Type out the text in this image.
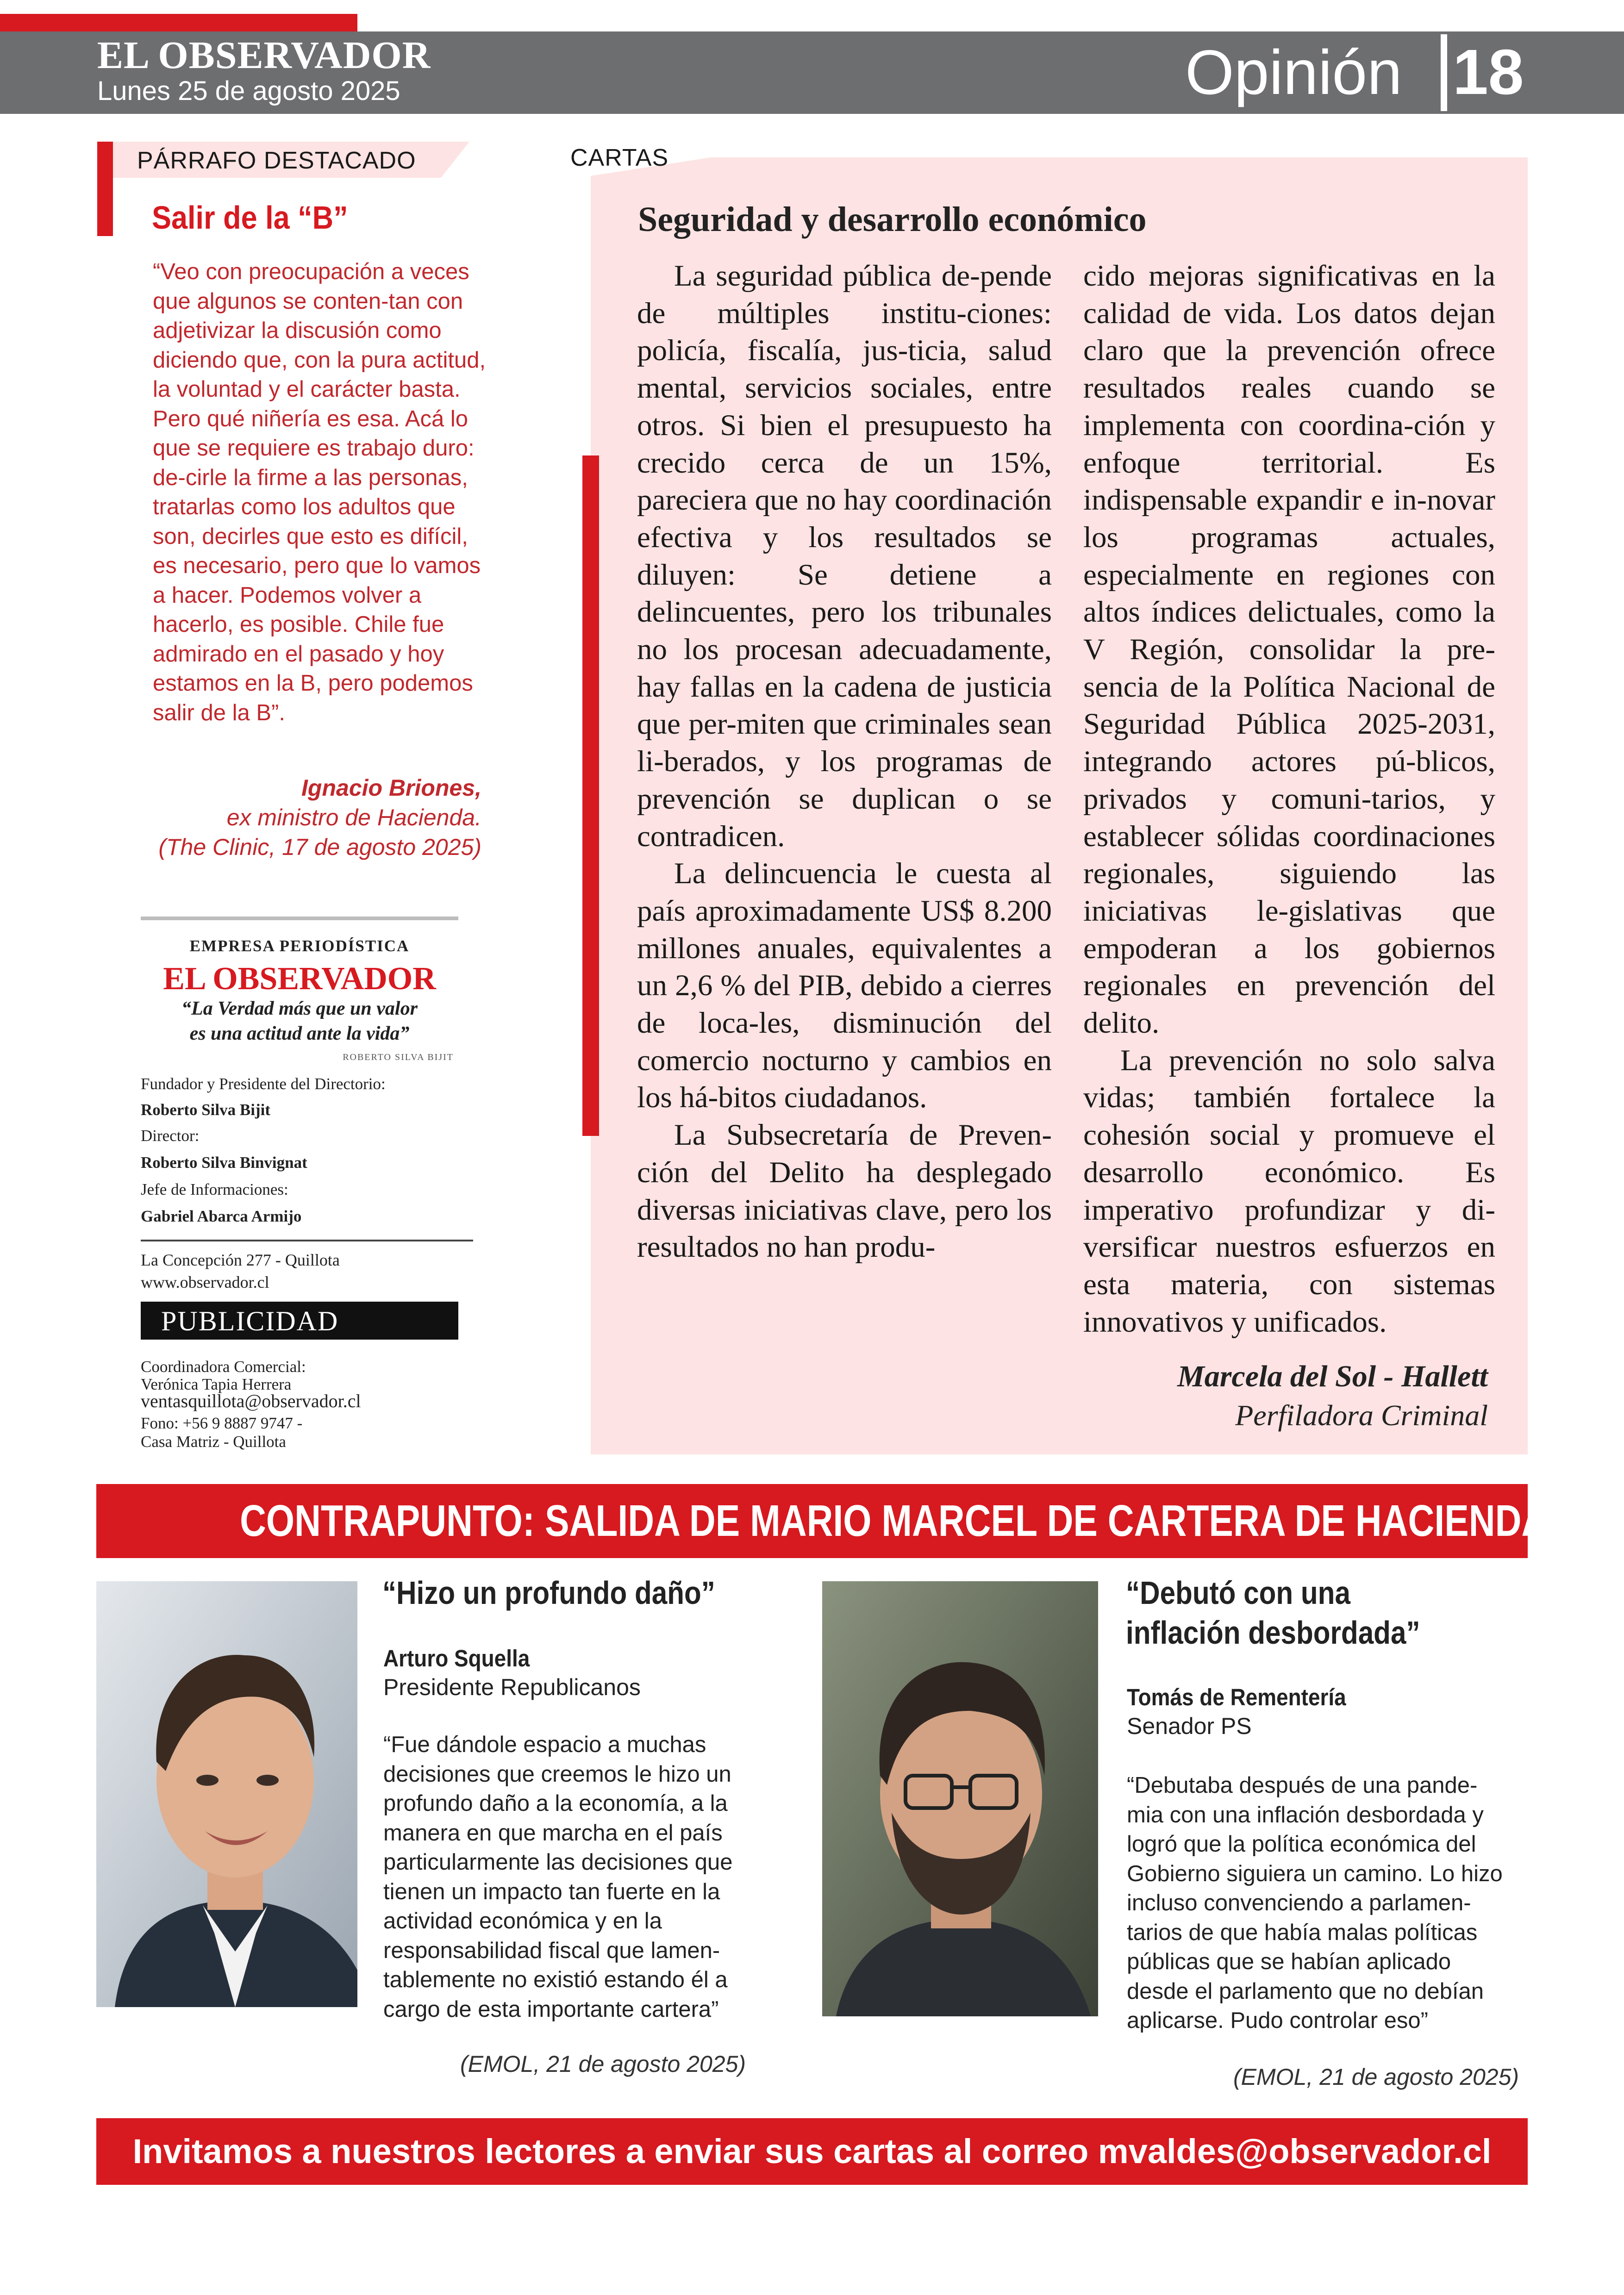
EL OBSERVADOR
Lunes 25 de agosto 2025	Opinión 18
PÁRRAFO DESTACADO
Salir de la “B”
“Veo con preocupación a veces que algunos se conten-tan con adjetivizar la discusión como diciendo que, con la pura actitud, la voluntad y el carácter basta. Pero qué niñería es esa. Acá lo que se requiere es trabajo duro: de-cirle la firme a las personas, tratarlas como los adultos que son, decirles que esto es difícil, es necesario, pero que lo vamos a hacer. Podemos volver a hacerlo, es posible. Chile fue admirado en el pasado y hoy estamos en la B, pero podemos salir de la B”.
Ignacio Briones,
ex ministro de Hacienda.
(The Clinic, 17 de agosto 2025)
EMPRESA PERIODÍSTICA
EL OBSERVADOR
“La Verdad más que un valor
es una actitud ante la vida”
ROBERTO SILVA BIJIT
Fundador y Presidente del Directorio:
Roberto Silva Bijit
Director:
Roberto Silva Binvignat
Jefe de Informaciones:
Gabriel Abarca Armijo
La Concepción 277 - Quillota
www.observador.cl
PUBLICIDAD
Coordinadora Comercial:
Verónica Tapia Herrera
ventasquillota@observador.cl
Fono: +56 9 8887 9747 -
Casa Matriz - Quillota
CARTAS
Seguridad y desarrollo económico

La seguridad pública de-pende de múltiples institu-ciones: policía, fiscalía, jus-ticia, salud mental, servicios sociales, entre otros. Si bien el presupuesto ha crecido cerca de un 15%, pareciera que no hay coordinación efectiva y los resultados se diluyen: Se detiene a delincuentes, pero los tribunales no los procesan adecuadamente, hay fallas en la cadena de justicia que per-miten que criminales sean li-berados, y los programas de prevención se duplican o se contradicen.

La delincuencia le cuesta al país aproximadamente US$ 8.200 millones anuales, equivalentes a un 2,6 % del PIB, debido a cierres de loca-les, disminución del comercio nocturno y cambios en los há-bitos ciudadanos.

La Subsecretaría de Preven-ción del Delito ha desplegado diversas iniciativas clave, pero los resultados no han produ-

cido mejoras significativas en la calidad de vida. Los datos dejan claro que la prevención ofrece resultados reales cuando se implementa con coordina-ción y enfoque territorial. Es indispensable expandir e in-novar los programas actuales, especialmente en regiones con altos índices delictuales, como la V Región, consolidar la pre-sencia de la Política Nacional de Seguridad Pública 2025-2031, integrando actores pú-blicos, privados y comuni-tarios, y establecer sólidas coordinaciones regionales, siguiendo las iniciativas le-gislativas que empoderan a los gobiernos regionales en prevención del delito.

La prevención no solo salva vidas; también fortalece la cohesión social y promueve el desarrollo económico. Es imperativo profundizar y di-versificar nuestros esfuerzos en esta materia, con sistemas innovativos y unificados.

Marcela del Sol - Hallett
Perfiladora Criminal
CONTRAPUNTO: SALIDA DE MARIO MARCEL DE CARTERA DE HACIENDA
“Hizo un profundo daño”
Arturo Squella
Presidente Republicanos
“Fue dándole espacio a muchas decisiones que creemos le hizo un profundo daño a la economía, a la manera en que marcha en el país particularmente las decisiones que tienen un impacto tan fuerte en la actividad económica y en la responsabilidad fiscal que lamen-tablemente no existió estando él a cargo de esta importante cartera”
(EMOL, 21 de agosto 2025)
“Debutó con una
inflación desbordada”
Tomás de Rementería
Senador PS
“Debutaba después de una pande-mia con una inflación desbordada y logró que la política económica del Gobierno siguiera un camino. Lo hizo incluso convenciendo a parlamen-tarios de que había malas políticas públicas que se habían aplicado desde el parlamento que no debían aplicarse. Pudo controlar eso”
(EMOL, 21 de agosto 2025)
Invitamos a nuestros lectores a enviar sus cartas al correo mvaldes@observador.cl
